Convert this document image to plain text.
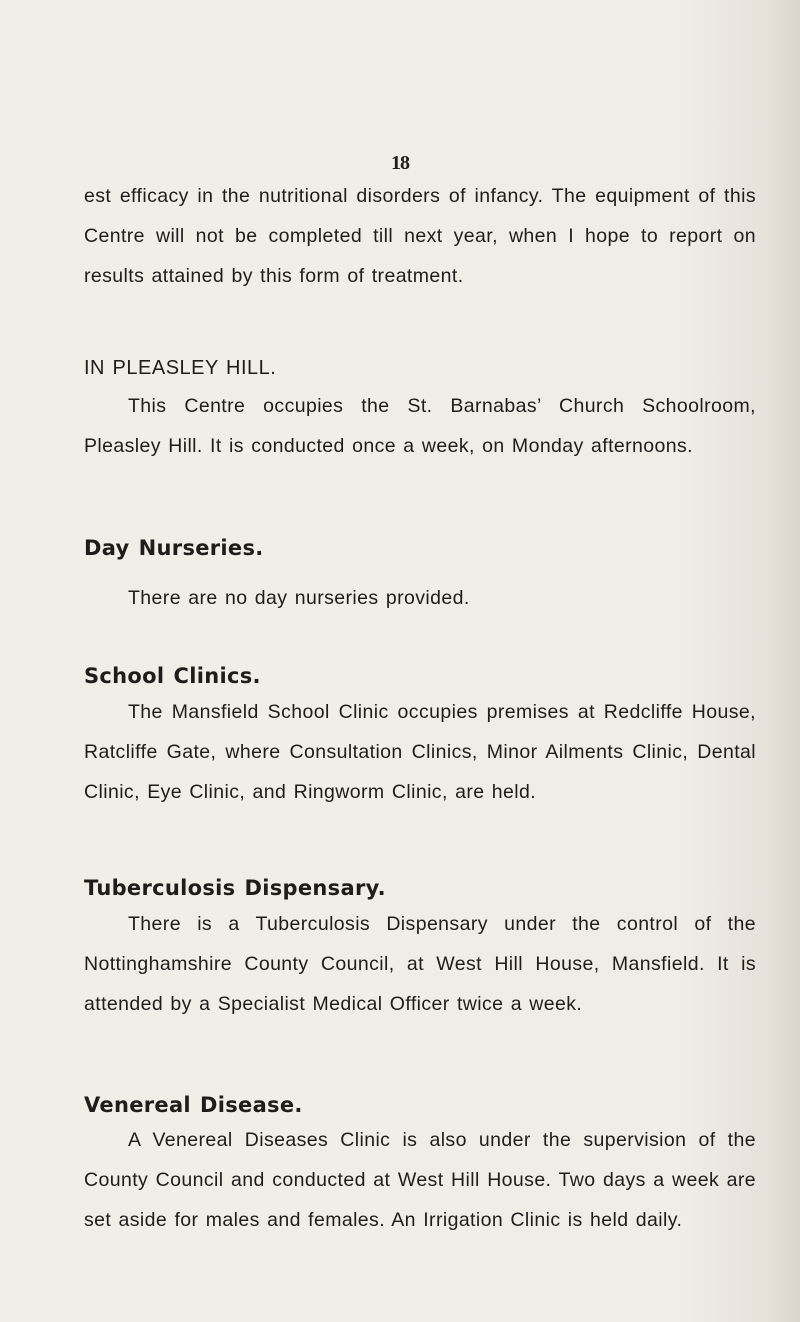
18

est efficacy in the nutritional disorders of infancy. The equipment of this Centre will not be completed till next year, when I hope to report on results attained by this form of treatment.

IN PLEASLEY HILL.

This Centre occupies the St. Barnabas’ Church Schoolroom, Pleasley Hill. It is conducted once a week, on Monday afternoons.

Day Nurseries.

There are no day nurseries provided.

School Clinics.

The Mansfield School Clinic occupies premises at Redcliffe House, Ratcliffe Gate, where Consultation Clinics, Minor Ailments Clinic, Dental Clinic, Eye Clinic, and Ringworm Clinic, are held.

Tuberculosis Dispensary.

There is a Tuberculosis Dispensary under the control of the Nottinghamshire County Council, at West Hill House, Mansfield. It is attended by a Specialist Medical Officer twice a week.

Venereal Disease.

A Venereal Diseases Clinic is also under the supervision of the County Council and conducted at West Hill House. Two days a week are set aside for males and females. An Irrigation Clinic is held daily.
